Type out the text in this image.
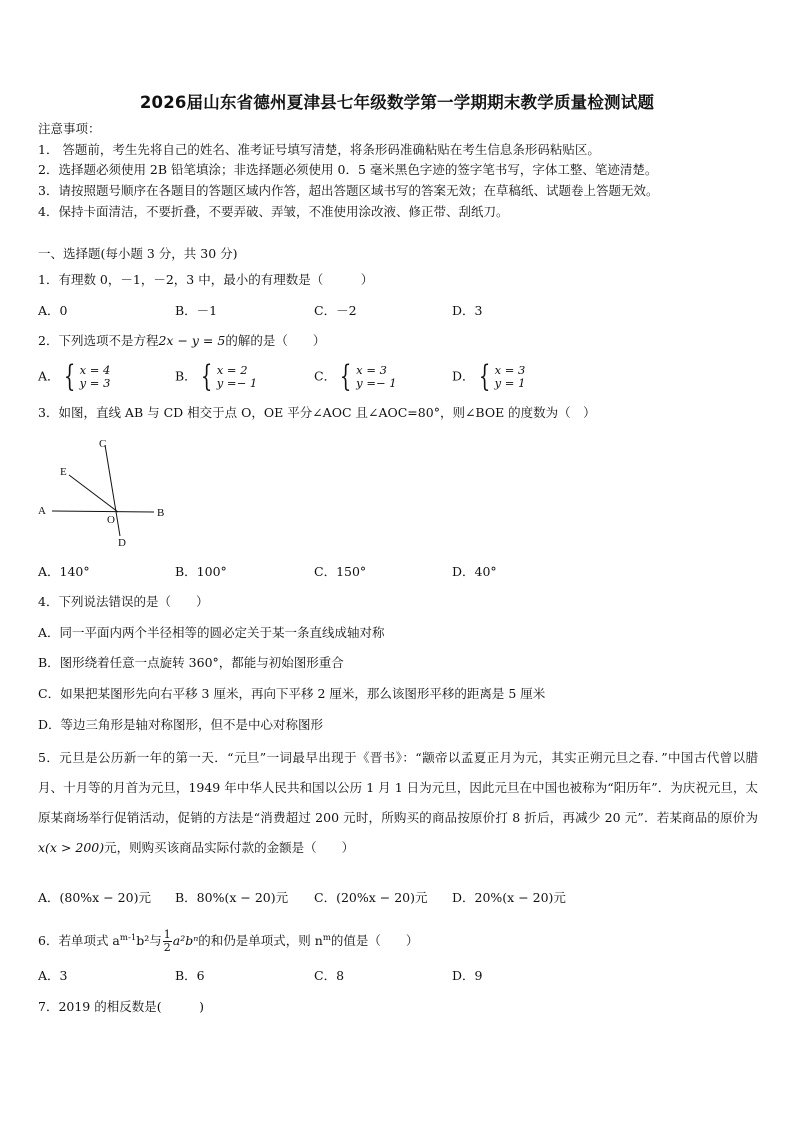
2026届山东省德州夏津县七年级数学第一学期期末教学质量检测试题
注意事项：
1． 答题前，考生先将自己的姓名、准考证号填写清楚，将条形码准确粘贴在考生信息条形码粘贴区。
2．选择题必须使用 2B 铅笔填涂；非选择题必须使用 0．5 毫米黑色字迹的签字笔书写，字体工整、笔迹清楚。
3．请按照题号顺序在各题目的答题区域内作答，超出答题区域书写的答案无效；在草稿纸、试题卷上答题无效。
4．保持卡面清洁，不要折叠，不要弄破、弄皱，不准使用涂改液、修正带、刮纸刀。
一、选择题(每小题 3 分，共 30 分)
1．有理数 0，－1，－2，3 中，最小的有理数是（　　　）
A．0	B．－1	C．－2	D．3
2．下列选项不是方程2x − y = 5的解的是（　　）
A． { x = 4
y = 3	B． { x = 2
y =− 1	C． { x = 3
y =− 1	D． { x = 3
y = 1
3．如图，直线 AB 与 CD 相交于点 O，OE 平分∠AOC 且∠AOC=80°，则∠BOE 的度数为（　）
A	B
C
D
E
O
A．140°	B．100°	C．150°	D．40°
4．下列说法错误的是（　　）
A．同一平面内两个半径相等的圆必定关于某一条直线成轴对称
B．图形绕着任意一点旋转 360°，都能与初始图形重合
C．如果把某图形先向右平移 3 厘米，再向下平移 2 厘米，那么该图形平移的距离是 5 厘米
D．等边三角形是轴对称图形，但不是中心对称图形
5．元旦是公历新一年的第一天．“元旦”一词最早出现于《晋书》：“颛帝以孟夏正月为元，其实正朔元旦之春．”中国古代曾以腊月、十月等的月首为元旦，1949 年中华人民共和国以公历 1 月 1 日为元旦，因此元旦在中国也被称为“阳历年”．为庆祝元旦，太原某商场举行促销活动，促销的方法是“消费超过 200 元时，所购买的商品按原价打 8 折后，再减少 20 元”．若某商品的原价为x(x > 200)元，则购买该商品实际付款的金额是（　　）
A．(80%x − 20)元 B．80%(x − 20)元 C．(20%x − 20)元 D．20%(x − 20)元
6．若单项式 $a^{m-1}b^2$与 $\frac{1}{2} a^2b^n$的和仍是单项式，则 $n^m$的值是（　　）
A．3	B．6	C．8	D．9
7．2019 的相反数是(　　　)
